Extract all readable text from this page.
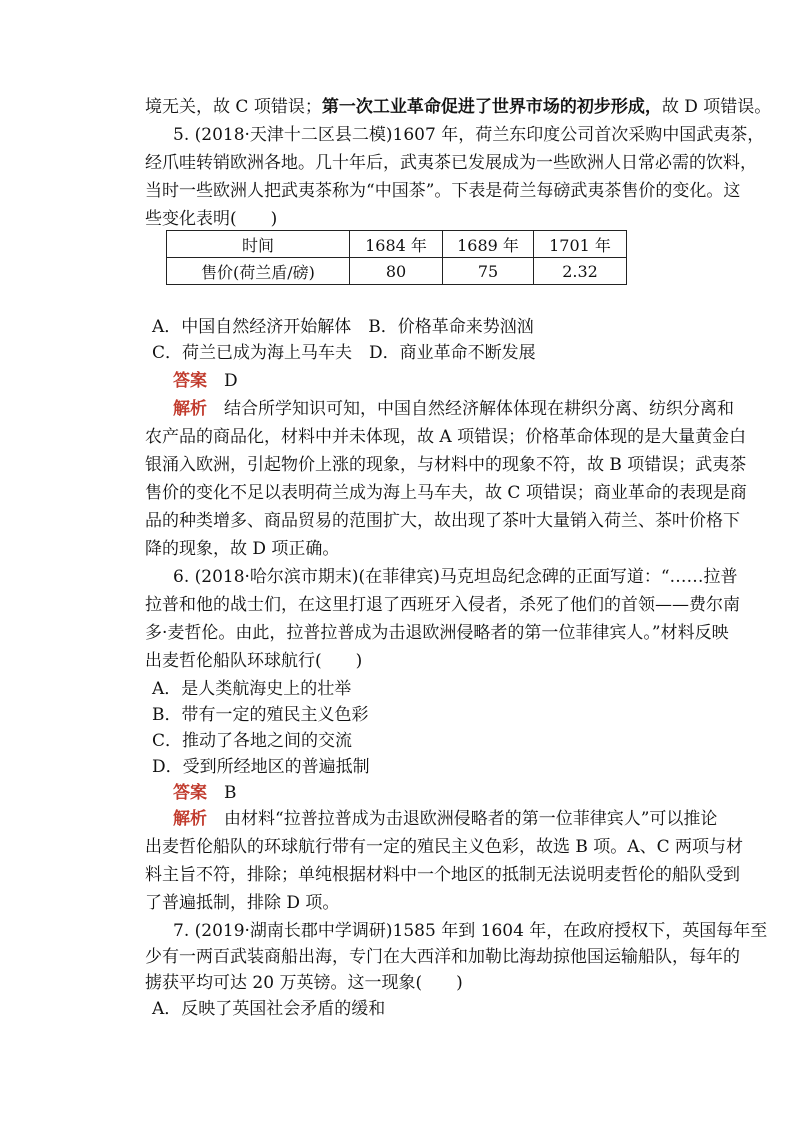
境无关，故 C 项错误；第一次工业革命促进了世界市场的初步形成，故 D 项错误。
5. (2018·天津十二区县二模)1607 年，荷兰东印度公司首次采购中国武夷茶，
经爪哇转销欧洲各地。几十年后，武夷茶已发展成为一些欧洲人日常必需的饮料，
当时一些欧洲人把武夷茶称为“中国茶”。下表是荷兰每磅武夷茶售价的变化。这
些变化表明(　　)
时间	1684 年	1689 年	1701 年
售价(荷兰盾/磅)	80	75	2.32
A．中国自然经济开始解体　B．价格革命来势汹汹
C．荷兰已成为海上马车夫　D．商业革命不断发展
答案　 D
解析　 结合所学知识可知，中国自然经济解体体现在耕织分离、纺织分离和
农产品的商品化，材料中并未体现，故 A 项错误；价格革命体现的是大量黄金白
银涌入欧洲，引起物价上涨的现象，与材料中的现象不符，故 B 项错误；武夷茶
售价的变化不足以表明荷兰成为海上马车夫，故 C 项错误；商业革命的表现是商
品的种类增多、商品贸易的范围扩大，故出现了茶叶大量销入荷兰、茶叶价格下
降的现象，故 D 项正确。
6. (2018·哈尔滨市期末)(在菲律宾)马克坦岛纪念碑的正面写道：“……拉普
拉普和他的战士们，在这里打退了西班牙入侵者，杀死了他们的首领——费尔南
多·麦哲伦。由此，拉普拉普成为击退欧洲侵略者的第一位菲律宾人。”材料反映
出麦哲伦船队环球航行(　　)
A．是人类航海史上的壮举
B．带有一定的殖民主义色彩
C．推动了各地之间的交流
D．受到所经地区的普遍抵制
答案　 B
解析　 由材料“拉普拉普成为击退欧洲侵略者的第一位菲律宾人”可以推论
出麦哲伦船队的环球航行带有一定的殖民主义色彩，故选 B 项。A、C 两项与材
料主旨不符，排除；单纯根据材料中一个地区的抵制无法说明麦哲伦的船队受到
了普遍抵制，排除 D 项。
7. (2019·湖南长郡中学调研)1585 年到 1604 年，在政府授权下，英国每年至
少有一两百武装商船出海，专门在大西洋和加勒比海劫掠他国运输船队，每年的
掳获平均可达 20 万英镑。这一现象(　　)
A．反映了英国社会矛盾的缓和
